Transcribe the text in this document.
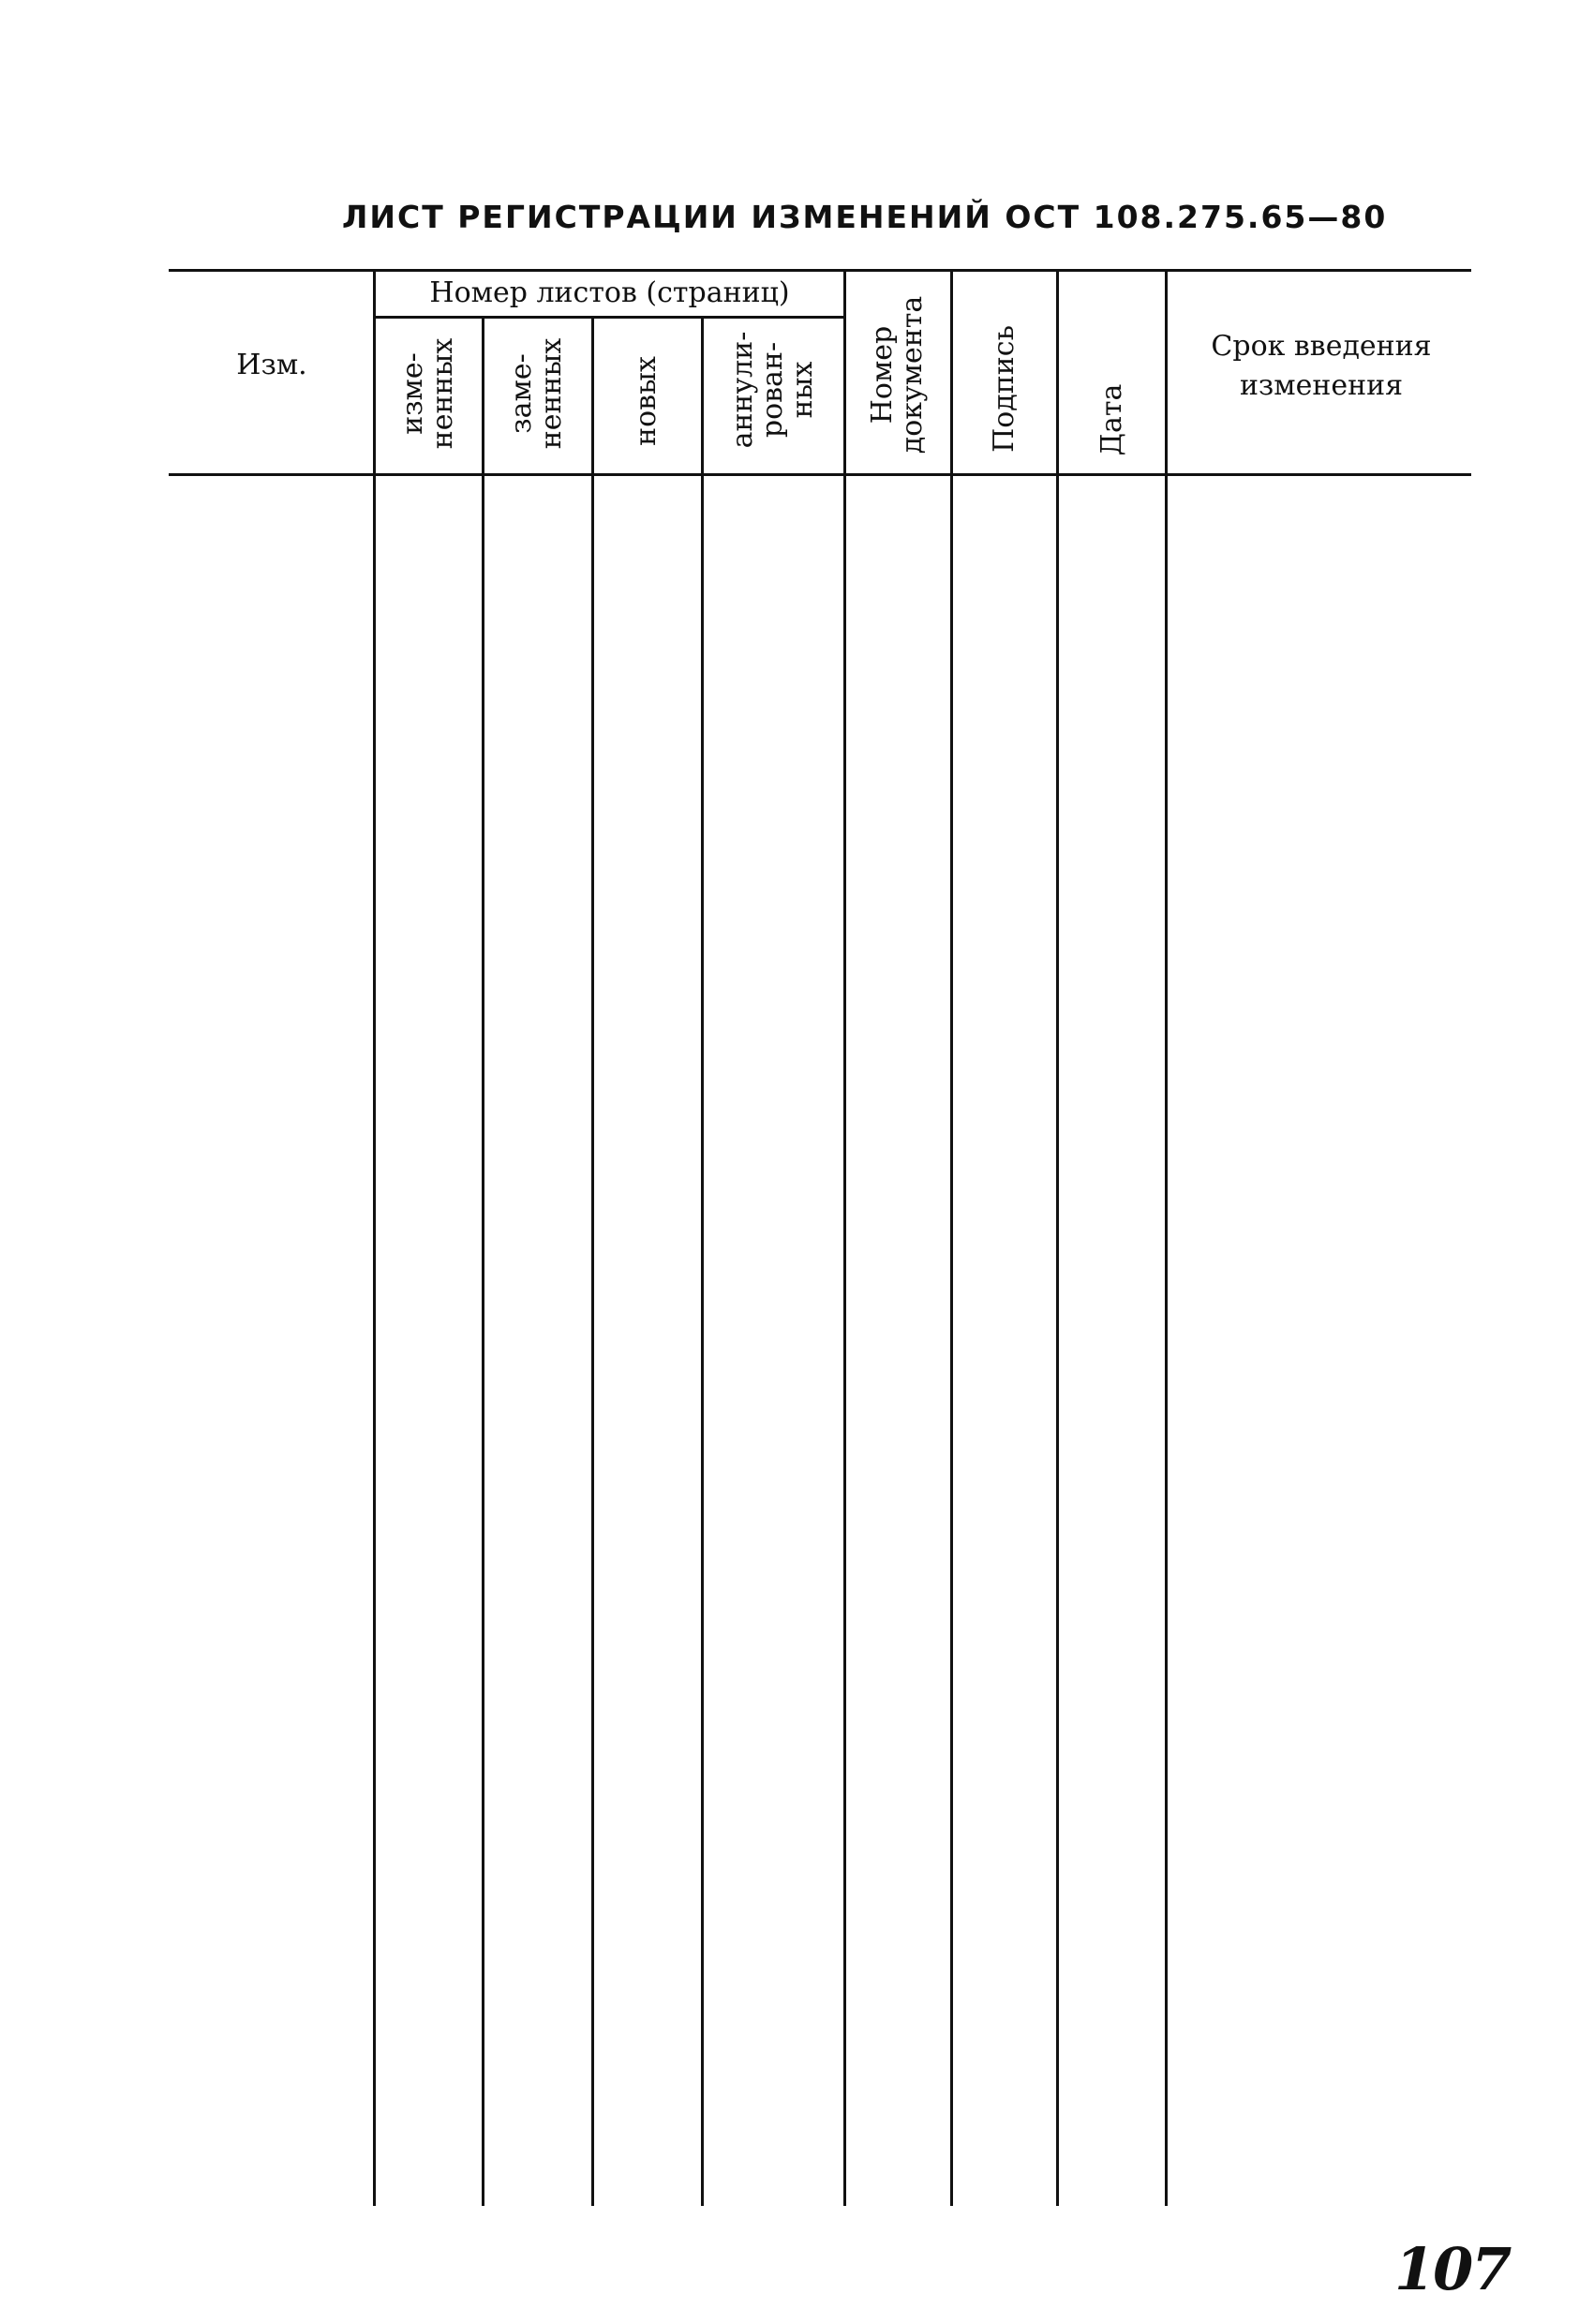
ЛИСТ РЕГИСТРАЦИИ ИЗМЕНЕНИЙ ОСТ 108.275.65—80
Изм.
Номер листов (страниц)
изме-
ненных заме-
ненных новых аннули-
рован-
ных Номер
документа Подпись	Дата
Срок введения
изменения
107
